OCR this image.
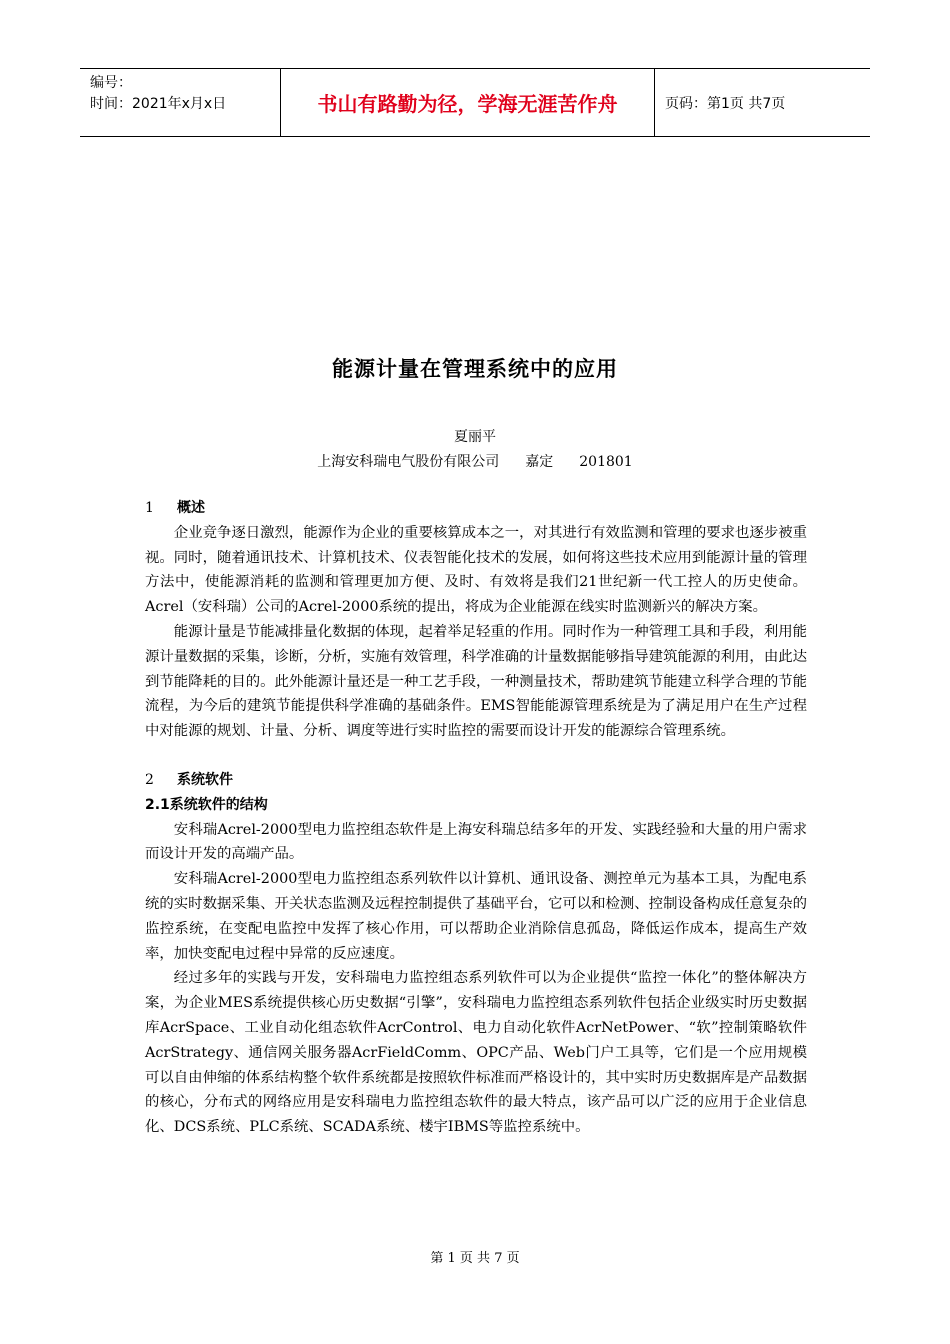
编号：
时间：2021年x月x日	书山有路勤为径，学海无涯苦作舟	页码：第1页 共7页
能源计量在管理系统中的应用
夏丽平
上海安科瑞电气股份有限公司 嘉定 201801
1 概述

企业竞争逐日激烈，能源作为企业的重要核算成本之一，对其进行有效监测和管理的要求也逐步被重视。同时，随着通讯技术、计算机技术、仪表智能化技术的发展，如何将这些技术应用到能源计量的管理方法中，使能源消耗的监测和管理更加方便、及时、有效将是我们21世纪新一代工控人的历史使命。Acrel（安科瑞）公司的Acrel-2000系统的提出，将成为企业能源在线实时监测新兴的解决方案。

能源计量是节能减排量化数据的体现，起着举足轻重的作用。同时作为一种管理工具和手段，利用能源计量数据的采集，诊断，分析，实施有效管理，科学准确的计量数据能够指导建筑能源的利用，由此达到节能降耗的目的。此外能源计量还是一种工艺手段，一种测量技术，帮助建筑节能建立科学合理的节能流程，为今后的建筑节能提供科学准确的基础条件。EMS智能能源管理系统是为了满足用户在生产过程中对能源的规划、计量、分析、调度等进行实时监控的需要而设计开发的能源综合管理系统。

2 系统软件
2.1系统软件的结构

安科瑞Acrel-2000型电力监控组态软件是上海安科瑞总结多年的开发、实践经验和大量的用户需求而设计开发的高端产品。

安科瑞Acrel-2000型电力监控组态系列软件以计算机、通讯设备、测控单元为基本工具，为配电系统的实时数据采集、开关状态监测及远程控制提供了基础平台，它可以和检测、控制设备构成任意复杂的监控系统，在变配电监控中发挥了核心作用，可以帮助企业消除信息孤岛，降低运作成本，提高生产效率，加快变配电过程中异常的反应速度。

经过多年的实践与开发，安科瑞电力监控组态系列软件可以为企业提供“监控一体化”的整体解决方案，为企业MES系统提供核心历史数据“引擎”，安科瑞电力监控组态系列软件包括企业级实时历史数据库AcrSpace、工业自动化组态软件AcrControl、电力自动化软件AcrNetPower、“软”控制策略软件AcrStrategy、通信网关服务器AcrFieldComm、OPC产品、Web门户工具等，它们是一个应用规模可以自由伸缩的体系结构整个软件系统都是按照软件标准而严格设计的，其中实时历史数据库是产品数据的核心，分布式的网络应用是安科瑞电力监控组态软件的最大特点，该产品可以广泛的应用于企业信息化、DCS系统、PLC系统、SCADA系统、楼宇IBMS等监控系统中。

第 1 页 共 7 页
